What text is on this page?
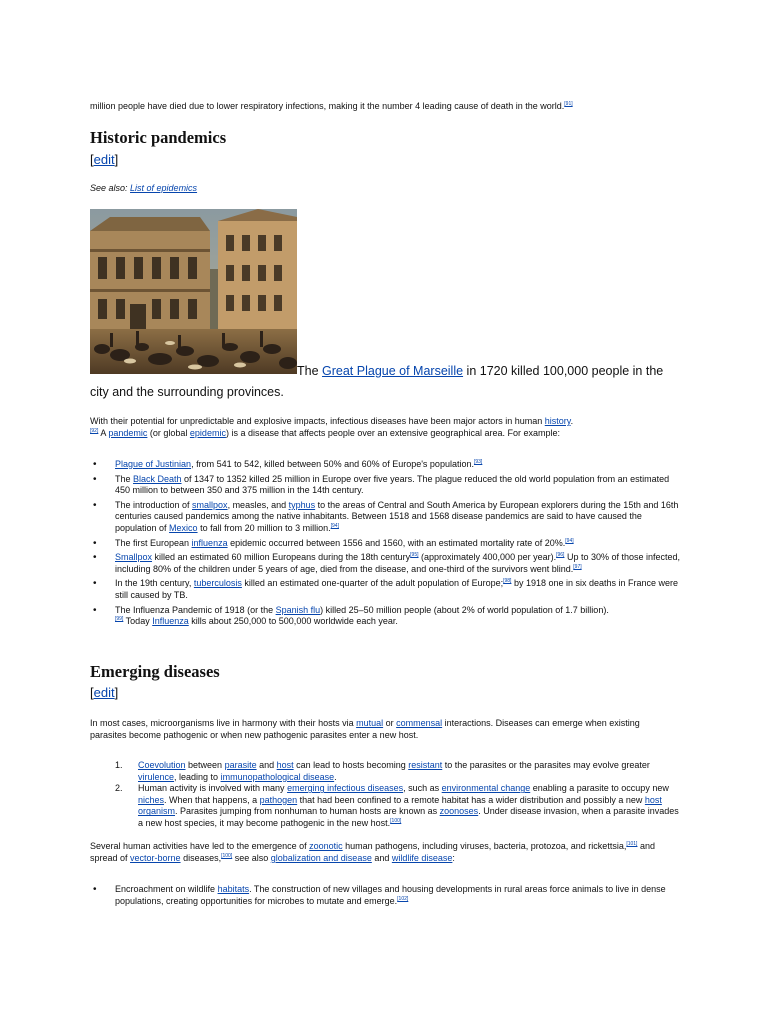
million people have died due to lower respiratory infections, making it the number 4 leading cause of death in the world.[91]
Historic pandemics
[edit]
See also: List of epidemics
The Great Plague of Marseille in 1720 killed 100,000 people in the
city and the surrounding provinces.
With their potential for unpredictable and explosive impacts, infectious diseases have been major actors in human history.
[92] A pandemic (or global epidemic) is a disease that affects people over an extensive geographical area. For example:
• Plague of Justinian, from 541 to 542, killed between 50% and 60% of Europe's population.[93]
• The Black Death of 1347 to 1352 killed 25 million in Europe over five years. The plague reduced the old world population from an estimated 450 million to between 350 and 375 million in the 14th century.
• The introduction of smallpox, measles, and typhus to the areas of Central and South America by European explorers during the 15th and 16th centuries caused pandemics among the native inhabitants. Between 1518 and 1568 disease pandemics are said to have caused the population of Mexico to fall from 20 million to 3 million.[94]
• The first European influenza epidemic occurred between 1556 and 1560, with an estimated mortality rate of 20%.[94]
• Smallpox killed an estimated 60 million Europeans during the 18th century[95] (approximately 400,000 per year).[96] Up to 30% of those infected, including 80% of the children under 5 years of age, died from the disease, and one-third of the survivors went blind.[97]
• In the 19th century, tuberculosis killed an estimated one-quarter of the adult population of Europe;[98] by 1918 one in six deaths in France were still caused by TB.
• The Influenza Pandemic of 1918 (or the Spanish flu) killed 25–50 million people (about 2% of world population of 1.7 billion).
[99] Today Influenza kills about 250,000 to 500,000 worldwide each year.
Emerging diseases
[edit]
In most cases, microorganisms live in harmony with their hosts via mutual or commensal interactions. Diseases can emerge when existing parasites become pathogenic or when new pathogenic parasites enter a new host.
1. Coevolution between parasite and host can lead to hosts becoming resistant to the parasites or the parasites may evolve greater virulence, leading to immunopathological disease.
2. Human activity is involved with many emerging infectious diseases, such as environmental change enabling a parasite to occupy new niches. When that happens, a pathogen that had been confined to a remote habitat has a wider distribution and possibly a new host organism. Parasites jumping from nonhuman to human hosts are known as zoonoses. Under disease invasion, when a parasite invades a new host species, it may become pathogenic in the new host.[100]
Several human activities have led to the emergence of zoonotic human pathogens, including viruses, bacteria, protozoa, and rickettsia,[101] and spread of vector-borne diseases,[100] see also globalization and disease and wildlife disease:
• Encroachment on wildlife habitats. The construction of new villages and housing developments in rural areas force animals to live in dense populations, creating opportunities for microbes to mutate and emerge.[102]
